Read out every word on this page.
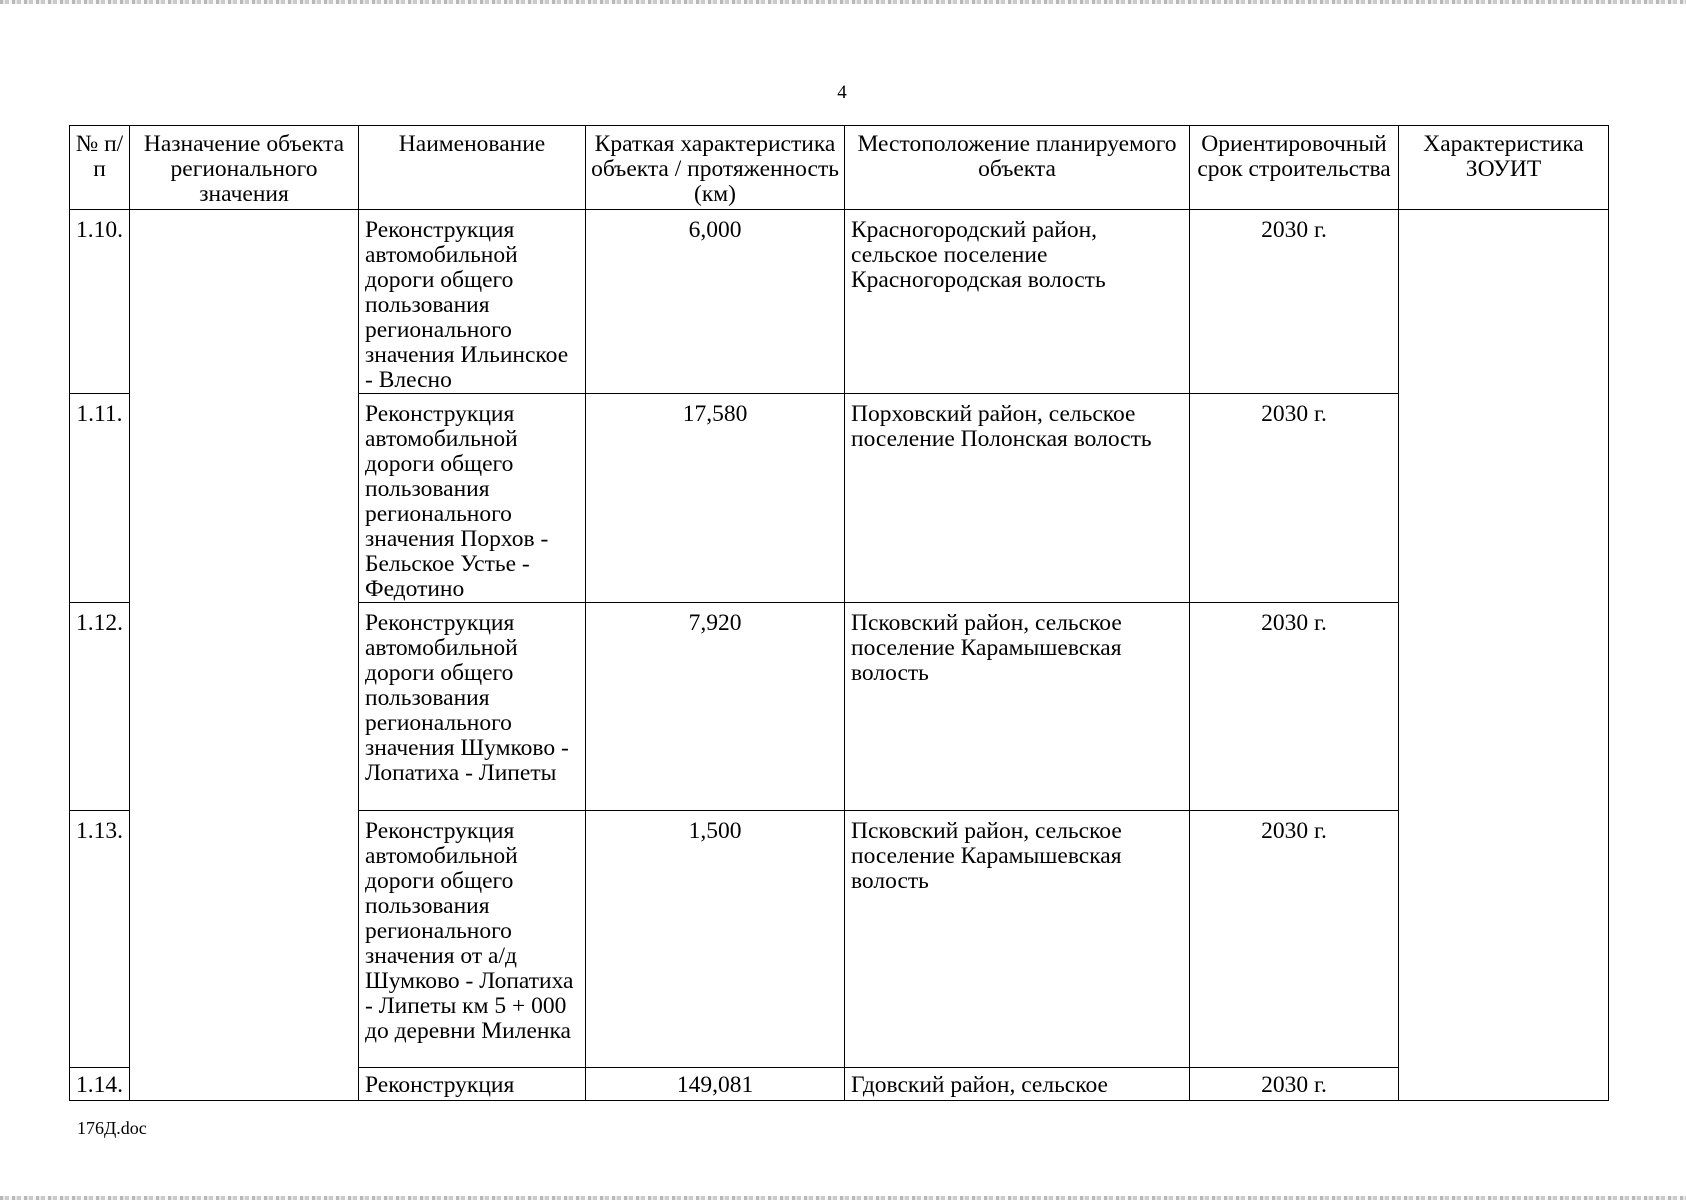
4
№ п/п	Назначение объекта регионального значения	Наименование	Краткая характеристика объекта / протяженность (км)	Местоположение планируемого объекта	Ориентировочный срок строительства	Характеристика ЗОУИТ
1.10.		Реконструкция автомобильной дороги общего пользования регионального значения Ильинское - Влесно	6,000	Красногородский район, сельское поселение Красногородская волость	2030 г.	
1.11.		Реконструкция автомобильной дороги общего пользования регионального значения Порхов - Бельское Устье - Федотино	17,580	Порховский район, сельское поселение Полонская волость	2030 г.	
1.12.		Реконструкция автомобильной дороги общего пользования регионального значения Шумково - Лопатиха - Липеты	7,920	Псковский район, сельское поселение Карамышевская волость	2030 г.	
1.13.		Реконструкция автомобильной дороги общего пользования регионального значения от а/д Шумково - Лопатиха - Липеты км 5 + 000 до деревни Миленка	1,500	Псковский район, сельское поселение Карамышевская волость	2030 г.	
1.14.		Реконструкция	149,081	Гдовский район, сельское	2030 г.	
176Д.doc
